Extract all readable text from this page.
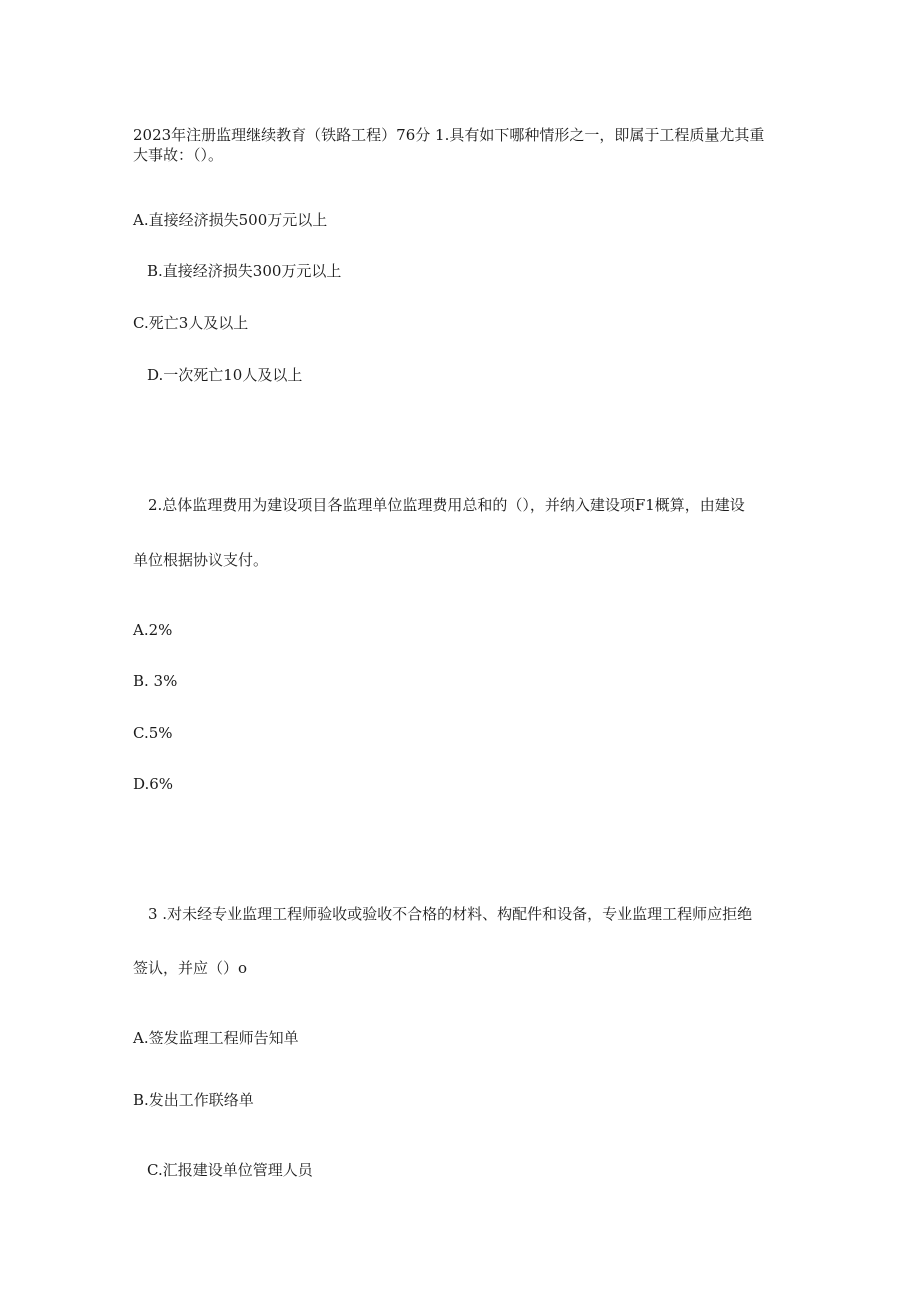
2023年注册监理继续教育（铁路工程）76分 1.具有如下哪种情形之一，即属于工程质量尤其重

大事故：（）。

A.直接经济损失500万元以上

B.直接经济损失300万元以上

C.死亡3人及以上

D.一次死亡10人及以上

2.总体监理费用为建设项目各监理单位监理费用总和的（），并纳入建设项F1概算，由建设

单位根据协议支付。

A.2%

B. 3%

C.5%

D.6%

3 .对未经专业监理工程师验收或验收不合格的材料、构配件和设备，专业监理工程师应拒绝

签认，并应（）o

A.签发监理工程师告知单

B.发出工作联络单

C.汇报建设单位管理人员
